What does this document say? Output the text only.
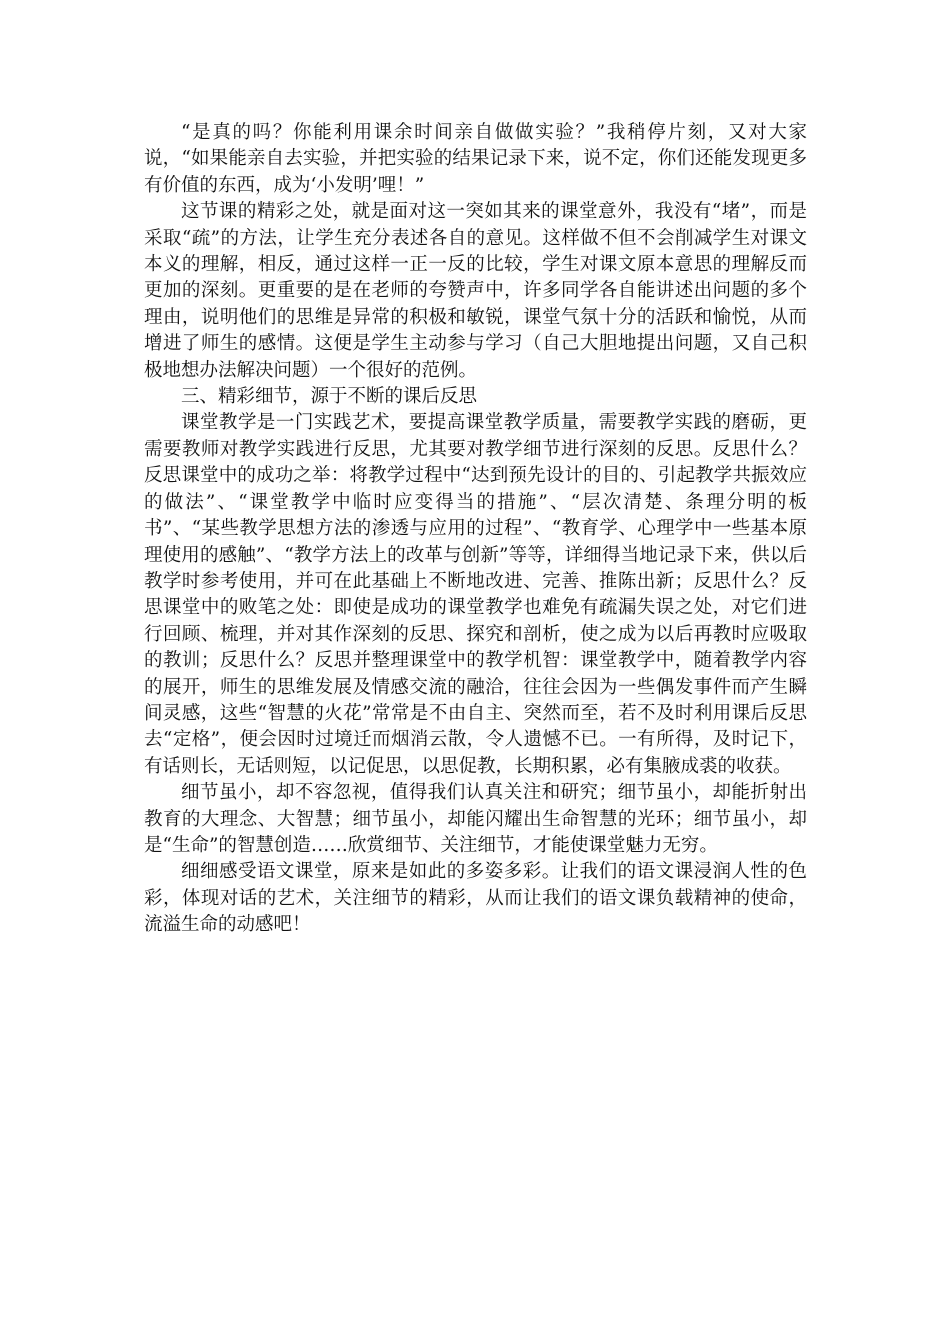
“是真的吗？你能利用课余时间亲自做做实验？”我稍停片刻，又对大家说，“如果能亲自去实验，并把实验的结果记录下来，说不定，你们还能发现更多有价值的东西，成为‘小发明’哩！”

这节课的精彩之处，就是面对这一突如其来的课堂意外，我没有“堵”，而是采取“疏”的方法，让学生充分表述各自的意见。这样做不但不会削减学生对课文本义的理解，相反，通过这样一正一反的比较，学生对课文原本意思的理解反而更加的深刻。更重要的是在老师的夸赞声中，许多同学各自能讲述出问题的多个理由，说明他们的思维是异常的积极和敏锐，课堂气氛十分的活跃和愉悦，从而增进了师生的感情。这便是学生主动参与学习（自己大胆地提出问题，又自己积极地想办法解决问题）一个很好的范例。

三、精彩细节，源于不断的课后反思

课堂教学是一门实践艺术，要提高课堂教学质量，需要教学实践的磨砺，更需要教师对教学实践进行反思，尤其要对教学细节进行深刻的反思。反思什么？反思课堂中的成功之举：将教学过程中“达到预先设计的目的、引起教学共振效应的做法”、“课堂教学中临时应变得当的措施”、“层次清楚、条理分明的板书”、“某些教学思想方法的渗透与应用的过程”、“教育学、心理学中一些基本原理使用的感触”、“教学方法上的改革与创新”等等，详细得当地记录下来，供以后教学时参考使用，并可在此基础上不断地改进、完善、推陈出新；反思什么？反思课堂中的败笔之处：即使是成功的课堂教学也难免有疏漏失误之处，对它们进行回顾、梳理，并对其作深刻的反思、探究和剖析，使之成为以后再教时应吸取的教训；反思什么？反思并整理课堂中的教学机智：课堂教学中，随着教学内容的展开，师生的思维发展及情感交流的融洽，往往会因为一些偶发事件而产生瞬间灵感，这些“智慧的火花”常常是不由自主、突然而至，若不及时利用课后反思去“定格”，便会因时过境迁而烟消云散，令人遗憾不已。一有所得，及时记下，有话则长，无话则短，以记促思，以思促教，长期积累，必有集腋成裘的收获。

细节虽小，却不容忽视，值得我们认真关注和研究；细节虽小，却能折射出教育的大理念、大智慧；细节虽小，却能闪耀出生命智慧的光环；细节虽小，却是“生命”的智慧创造……欣赏细节、关注细节，才能使课堂魅力无穷。

细细感受语文课堂，原来是如此的多姿多彩。让我们的语文课浸润人性的色彩，体现对话的艺术，关注细节的精彩，从而让我们的语文课负载精神的使命，流溢生命的动感吧！
